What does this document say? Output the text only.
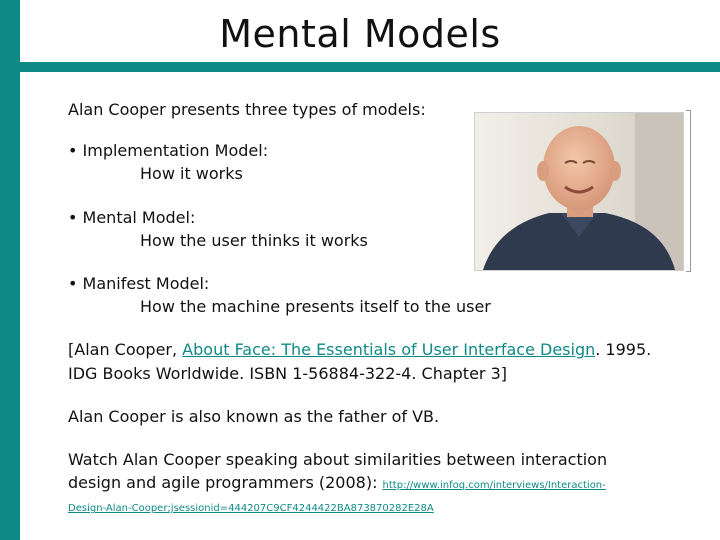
Mental Models
Alan Cooper presents three types of models:
• Implementation Model:
How it works
• Mental Model:
How the user thinks it works
• Manifest Model:
How the machine presents itself to the user
[Alan Cooper, About Face: The Essentials of User Interface Design. 1995.
IDG Books Worldwide. ISBN 1-56884-322-4. Chapter 3]
Alan Cooper is also known as the father of VB.
Watch Alan Cooper speaking about similarities between interaction
design and agile programmers (2008): http://www.infoq.com/interviews/Interaction-
Design-Alan-Cooper;jsessionid=444207C9CF4244422BA873870282E28A
